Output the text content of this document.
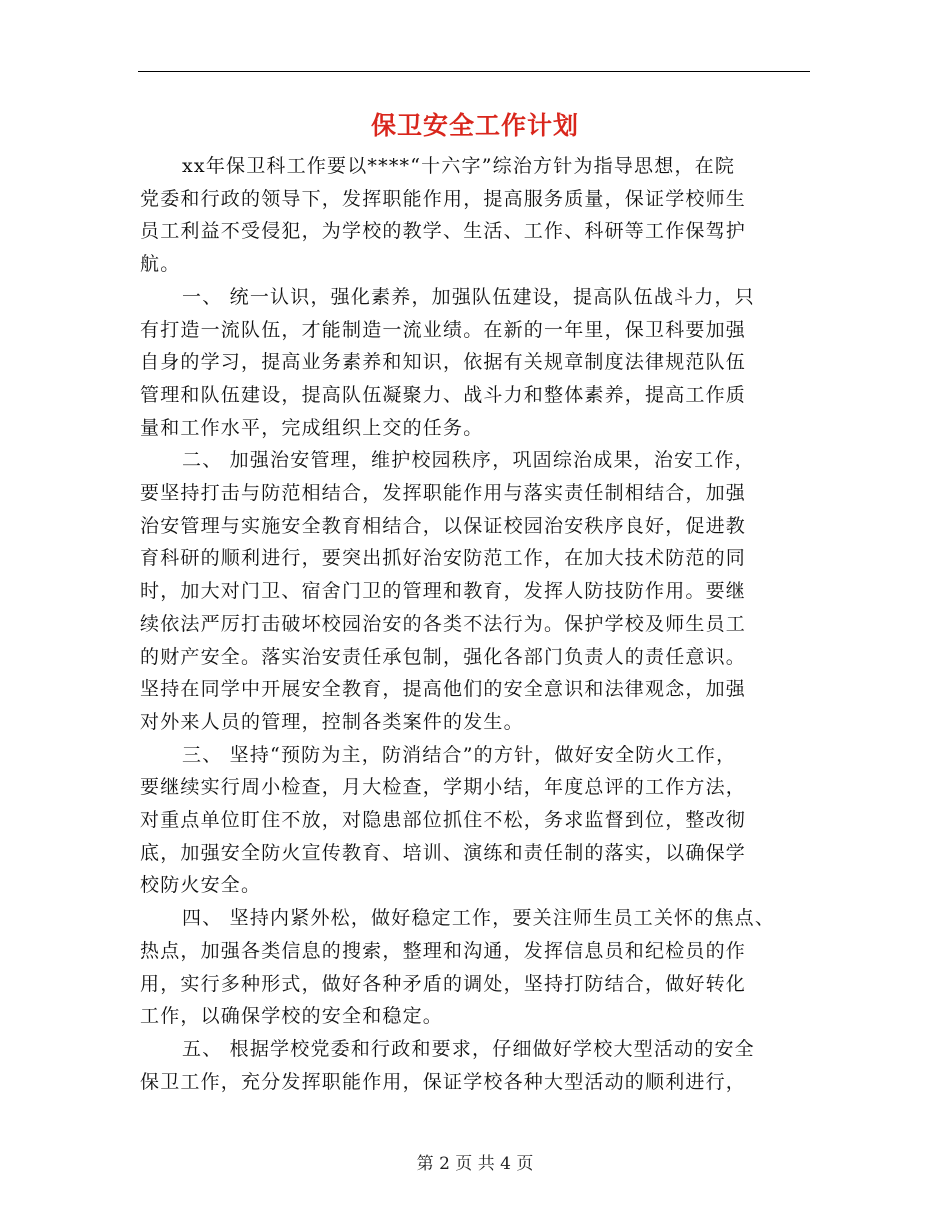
保卫安全工作计划

xx年保卫科工作要以****“十六字”综治方针为指导思想，在院
党委和行政的领导下，发挥职能作用，提高服务质量，保证学校师生
员工利益不受侵犯，为学校的教学、生活、工作、科研等工作保驾护
航。

一、 统一认识，强化素养，加强队伍建设，提高队伍战斗力，只
有打造一流队伍，才能制造一流业绩。在新的一年里，保卫科要加强
自身的学习，提高业务素养和知识，依据有关规章制度法律规范队伍
管理和队伍建设，提高队伍凝聚力、战斗力和整体素养，提高工作质
量和工作水平，完成组织上交的任务。

二、 加强治安管理，维护校园秩序，巩固综治成果，治安工作，
要坚持打击与防范相结合，发挥职能作用与落实责任制相结合，加强
治安管理与实施安全教育相结合，以保证校园治安秩序良好，促进教
育科研的顺利进行，要突出抓好治安防范工作，在加大技术防范的同
时，加大对门卫、宿舍门卫的管理和教育，发挥人防技防作用。要继
续依法严厉打击破坏校园治安的各类不法行为。保护学校及师生员工
的财产安全。落实治安责任承包制，强化各部门负责人的责任意识。
坚持在同学中开展安全教育，提高他们的安全意识和法律观念，加强
对外来人员的管理，控制各类案件的发生。

三、 坚持“预防为主，防消结合”的方针，做好安全防火工作，
要继续实行周小检查，月大检查，学期小结，年度总评的工作方法，
对重点单位盯住不放，对隐患部位抓住不松，务求监督到位，整改彻
底，加强安全防火宣传教育、培训、演练和责任制的落实，以确保学
校防火安全。

四、 坚持内紧外松，做好稳定工作，要关注师生员工关怀的焦点、
热点，加强各类信息的搜索，整理和沟通，发挥信息员和纪检员的作
用，实行多种形式，做好各种矛盾的调处，坚持打防结合，做好转化
工作，以确保学校的安全和稳定。

五、 根据学校党委和行政和要求，仔细做好学校大型活动的安全
保卫工作，充分发挥职能作用，保证学校各种大型活动的顺利进行，

第 2 页 共 4 页
